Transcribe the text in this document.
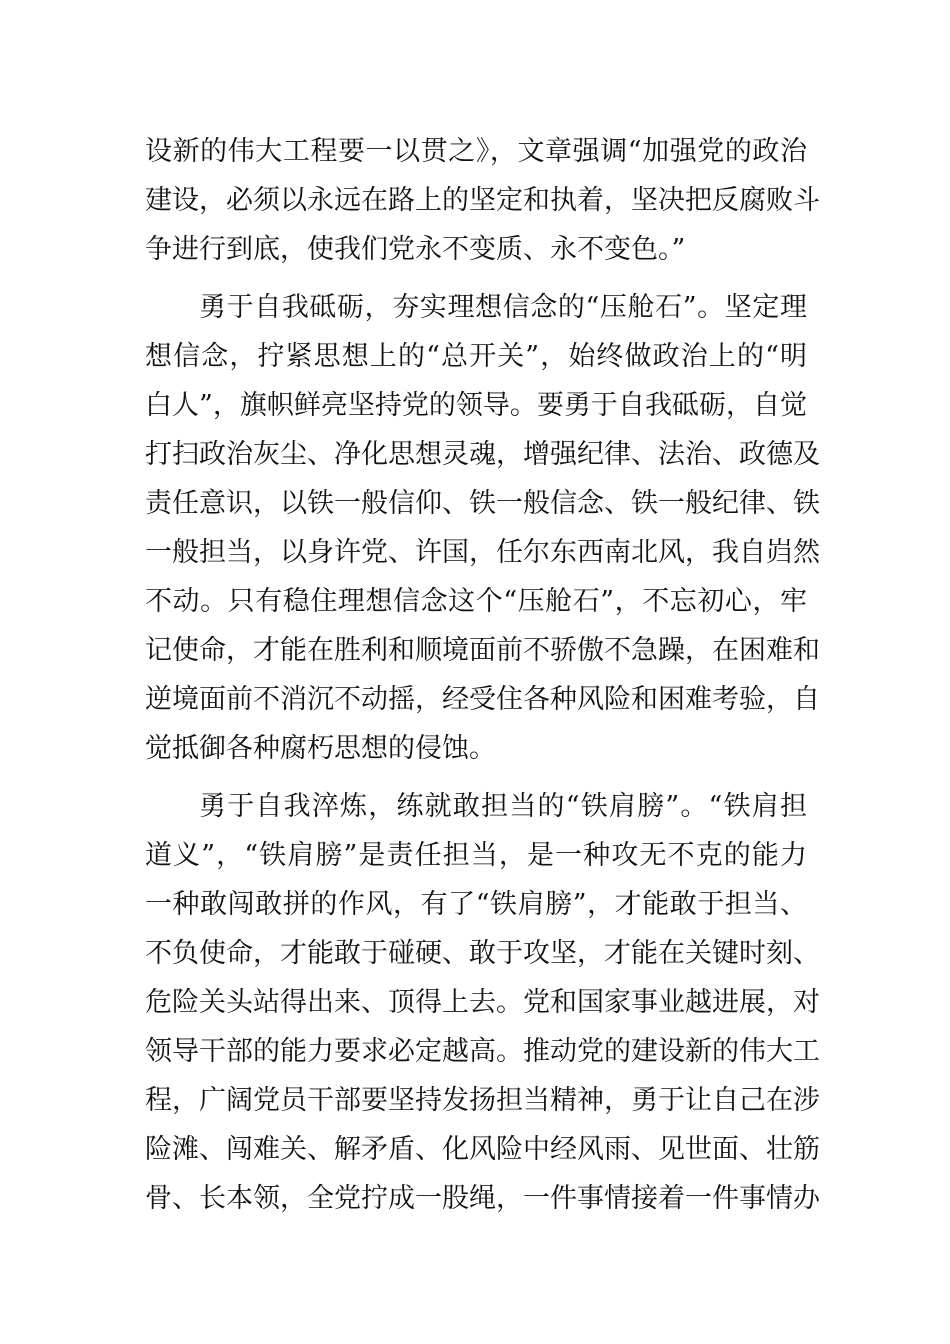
设新的伟大工程要一以贯之》，文章强调“加强党的政治
建设，必须以永远在路上的坚定和执着，坚决把反腐败斗
争进行到底，使我们党永不变质、永不变色。”
勇于自我砥砺，夯实理想信念的“压舱石”。坚定理
想信念，拧紧思想上的“总开关”，始终做政治上的“明
白人”，旗帜鲜亮坚持党的领导。要勇于自我砥砺，自觉
打扫政治灰尘、净化思想灵魂，增强纪律、法治、政德及
责任意识，以铁一般信仰、铁一般信念、铁一般纪律、铁
一般担当，以身许党、许国，任尔东西南北风，我自岿然
不动。只有稳住理想信念这个“压舱石”，不忘初心，牢
记使命，才能在胜利和顺境面前不骄傲不急躁，在困难和
逆境面前不消沉不动摇，经受住各种风险和困难考验，自
觉抵御各种腐朽思想的侵蚀。
勇于自我淬炼，练就敢担当的“铁肩膀”。“铁肩担
道义”，“铁肩膀”是责任担当，是一种攻无不克的能力
一种敢闯敢拼的作风，有了“铁肩膀”，才能敢于担当、
不负使命，才能敢于碰硬、敢于攻坚，才能在关键时刻、
危险关头站得出来、顶得上去。党和国家事业越进展，对
领导干部的能力要求必定越高。推动党的建设新的伟大工
程，广阔党员干部要坚持发扬担当精神，勇于让自己在涉
险滩、闯难关、解矛盾、化风险中经风雨、见世面、壮筋
骨、长本领，全党拧成一股绳，一件事情接着一件事情办
